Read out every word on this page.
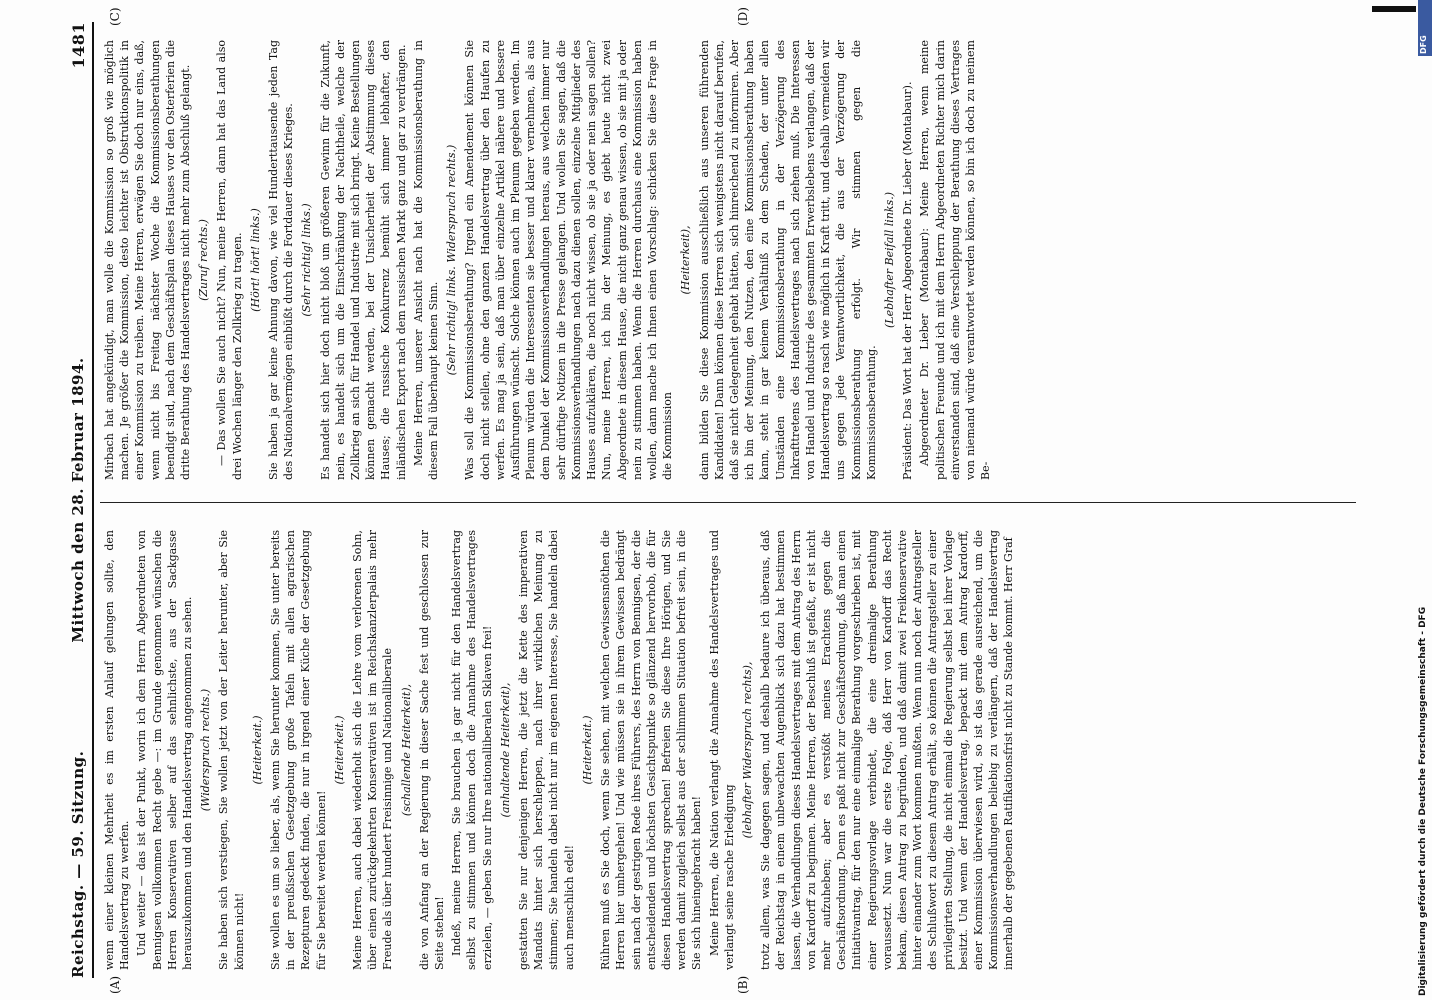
Reichstag. — 59. Sitzung.
Mittwoch den 28. Februar 1894.
1481
(A)	(B)
(C)	(D)

wenn einer kleinen Mehrheit es im ersten Anlauf gelungen sollte, den Handelsvertrag zu werfen. Und weiter — das ist der Punkt, worin ich dem Herrn Abgeordneten von Bennigsen vollkommen Recht gebe —: im Grunde genommen wünschen die Herren Konservativen selber auf das sehnlichste, aus der Sackgasse herauszukommen und den Handelsvertrag angenommen zu sehen. (Widerspruch rechts.) Sie haben sich verstiegen, Sie wollen jetzt von der Leiter herunter, aber Sie können nicht!

(Heiterkeit.) Sie wollen es um so lieber, als, wenn Sie herunter kommen, Sie unter bereits in der preußischen Gesetzgebung große Tafeln mit allen agrarischen Rezepturen gedeckt finden, die nur in irgend einer Küche der Gesetzgebung für Sie bereitet werden können!

(Heiterkeit.) Meine Herren, auch dabei wiederholt sich die Lehre vom verlorenen Sohn, über einen zurückgekehrten Konservativen ist im Reichskanzlerpalais mehr Freude als über hundert Freisinnige und Nationalliberale (schallende Heiterkeit), die von Anfang an der Regierung in dieser Sache fest und geschlossen zur Seite stehen! Indeß, meine Herren, Sie brauchen ja gar nicht für den Handelsvertrag selbst zu stimmen und können doch die Annahme des Handelsvertrages erzielen, — geben Sie nur Ihre nationalliberalen Sklaven frei! (anhaltende Heiterkeit), gestatten Sie nur denjenigen Herren, die jetzt die Kette des imperativen Mandats hinter sich herschleppen, nach ihrer wirklichen Meinung zu stimmen; Sie handeln dabei nicht nur im eigenen Interesse, Sie handeln dabei auch menschlich edel!

(Heiterkeit.) Rühren muß es Sie doch, wenn Sie sehen, mit welchen Gewissensnöthen die Herren hier umhergehen! Und wie müssen sie in ihrem Gewissen bedrängt sein nach der gestrigen Rede ihres Führers, des Herrn von Bennigsen, der die entscheidenden und höchsten Gesichtspunkte so glänzend hervorhob, die für diesen Handelsvertrag sprechen! Befreien Sie diese Ihre Hörigen, und Sie werden damit zugleich selbst aus der schlimmen Situation befreit sein, in die Sie sich hineingebracht haben! Meine Herren, die Nation verlangt die Annahme des Handelsvertrages und verlangt seine rasche Erledigung

(lebhafter Widerspruch rechts), trotz allem, was Sie dagegen sagen, und deshalb bedaure ich überaus, daß der Reichstag in einem unbewachten Augenblick sich dazu hat bestimmen lassen, die Verhandlungen dieses Handelsvertrages mit dem Antrag des Herrn von Kardorff zu beginnen. Meine Herren, der Beschluß ist gefaßt, er ist nicht mehr aufzuheben; aber es verstößt meines Erachtens gegen die Geschäftsordnung. Denn es paßt nicht zur Geschäftsordnung, daß man einen Initiativantrag, für den nur eine einmalige Berathung vorgeschrieben ist, mit einer Regierungsvorlage verbindet, die eine dreimalige Berathung voraussetzt. Nun war die erste Folge, daß Herr von Kardorff das Recht bekam, diesen Antrag zu begründen, und daß damit zwei Freikonservative hinter einander zum Wort kommen mußten. Wenn nun noch der Antragsteller des Schlußwort zu diesem Antrag erhält, so können die Antragsteller zu einer privilegirten Stellung, die nicht einmal die Regierung selbst bei ihrer Vorlage besitzt. Und wenn der Handelsvertrag, bepackt mit dem Antrag Kardorff, einer Kommission überwiesen wird, so ist das gerade ausreichend, um die Kommissionsverhandlungen beliebig zu verlängern, daß der Handelsvertrag innerhalb der gegebenen Ratifikationsfrist nicht zu Stande kommt. Herr Graf

Mirbach hat angekündigt, man wolle die Kommission so groß wie möglich machen. Je größer die Kommission, desto leichter ist Obstruktionspolitik in einer Kommission zu treiben. Meine Herren, erwägen Sie doch nur eins, daß, wenn nicht bis Freitag nächster Woche die Kommissionsberathungen beendigt sind, nach dem Geschäftsplan dieses Hauses vor den Osterferien die dritte Berathung des Handelsvertrages nicht mehr zum Abschluß gelangt. (Zuruf rechts.) — Das wollen Sie auch nicht? Nun, meine Herren, dann hat das Land also drei Wochen länger den Zollkrieg zu tragen. (Hört! hört! links.) Sie haben ja gar keine Ahnung davon, wie viel Hunderttausende jeden Tag des Nationalvermögen einbüßt durch die Fortdauer dieses Krieges. (Sehr richtig! links.) Es handelt sich hier doch nicht bloß um größeren Gewinn für die Zukunft, nein, es handelt sich um die Einschränkung der Nachtheile, welche der Zollkrieg an sich für Handel und Industrie mit sich bringt. Keine Bestellungen können gemacht werden, bei der Unsicherheit der Abstimmung dieses Hauses; die russische Konkurrenz bemüht sich immer lebhafter, den inländischen Export nach dem russischen Markt ganz und gar zu verdrängen. Meine Herren, unserer Ansicht nach hat die Kommissionsberathung in diesem Fall überhaupt keinen Sinn.

(Sehr richtig! links. Widerspruch rechts.) Was soll die Kommissionsberathung? Irgend ein Amendement können Sie doch nicht stellen, ohne den ganzen Handelsvertrag über den Haufen zu werfen. Es mag ja sein, daß man über einzelne Artikel nähere und bessere Ausführungen wünscht. Solche können auch im Plenum gegeben werden. Im Plenum würden die Interessenten sie besser und klarer vernehmen, als aus dem Dunkel der Kommissionsverhandlungen heraus, aus welchen immer nur sehr dürftige Notizen in die Presse gelangen. Und wollen Sie sagen, daß die Kommissionsverhandlungen nach dazu dienen sollen, einzelne Mitglieder des Hauses aufzuklären, die noch nicht wissen, ob sie ja oder nein sagen sollen? Nun, meine Herren, ich bin der Meinung, es giebt heute nicht zwei Abgeordnete in diesem Hause, die nicht ganz genau wissen, ob sie mit ja oder nein zu stimmen haben. Wenn die Herren durchaus eine Kommission haben wollen, dann mache ich Ihnen einen Vorschlag: schicken Sie diese Frage in die Kommission

(Heiterkeit), dann bilden Sie diese Kommission ausschließlich aus unseren führenden Kandidaten! Dann können diese Herren sich wenigstens nicht darauf berufen, daß sie nicht Gelegenheit gehabt hätten, sich hinreichend zu informiren. Aber ich bin der Meinung, den Nutzen, den eine Kommissionsberathung haben kann, steht in gar keinem Verhältniß zu dem Schaden, der unter allen Umständen eine Kommissionsberathung in der Verzögerung des Inkrafttretens des Handelsvertrages nach sich ziehen muß. Die Interessen von Handel und Industrie des gesammten Erwerbslebens verlangen, daß der Handelsvertrag so rasch wie möglich in Kraft tritt, und deshalb vermeiden wir uns gegen jede Verantwortlichkeit, die aus der Verzögerung der Kommissionsberathung erfolgt. Wir stimmen gegen die Kommissionsberathung.

(Lebhafter Beifall links.) Präsident: Das Wort hat der Herr Abgeordnete Dr. Lieber (Montabaur). Abgeordneter Dr. Lieber (Montabaur): Meine Herren, wenn meine politischen Freunde und ich mit dem Herrn Abgeordneten Richter mich darin einverstanden sind, daß eine Verschleppung der Berathung dieses Vertrages von niemand würde verantwortet werden können, so bin ich doch zu meinem Be-

DFG
Digitalisierung gefördert durch die Deutsche Forschungsgemeinschaft - DFG
